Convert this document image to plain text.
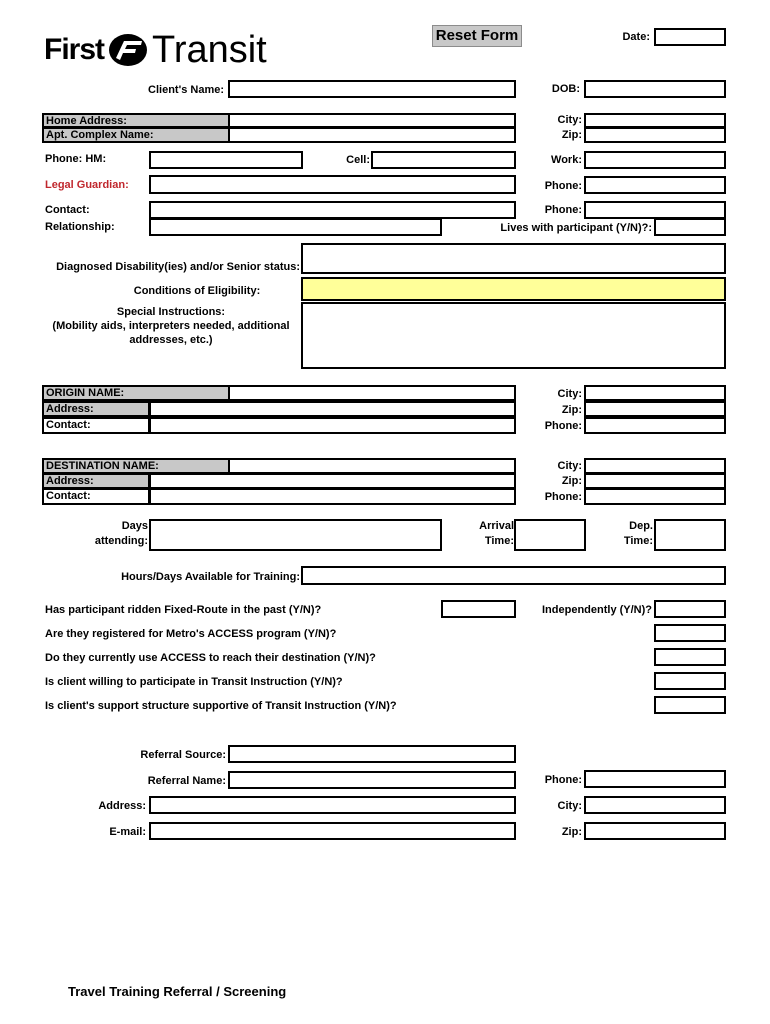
First Transit	Reset Form	Date:
Client's Name:	DOB:
Home Address:
Apt. Complex Name:
City:
Zip:
Phone: HM:	Cell:	Work:
Legal Guardian:	Phone:
Contact:	Phone:
Relationship:	Lives with participant (Y/N)?:
Diagnosed Disability(ies) and/or Senior status:
Conditions of Eligibility:
Special Instructions:
(Mobility aids, interpreters needed, additional
addresses, etc.)
ORIGIN NAME:
Address:
Contact:
City:
Zip:
Phone:
DESTINATION NAME:
Address:
Contact:
City:
Zip:
Phone:
Days
attending:
Arrival
Time:
Dep.
Time:
Hours/Days Available for Training:
Has participant ridden Fixed-Route in the past (Y/N)?	Independently (Y/N)?
Are they registered for Metro's ACCESS program (Y/N)?
Do they currently use ACCESS to reach their destination (Y/N)?
Is client willing to participate in Transit Instruction (Y/N)?
Is client's support structure supportive of Transit Instruction (Y/N)?
Referral Source:
Referral Name:	Phone:
Address:	City:
E-mail:	Zip:
Travel Training Referral / Screening
